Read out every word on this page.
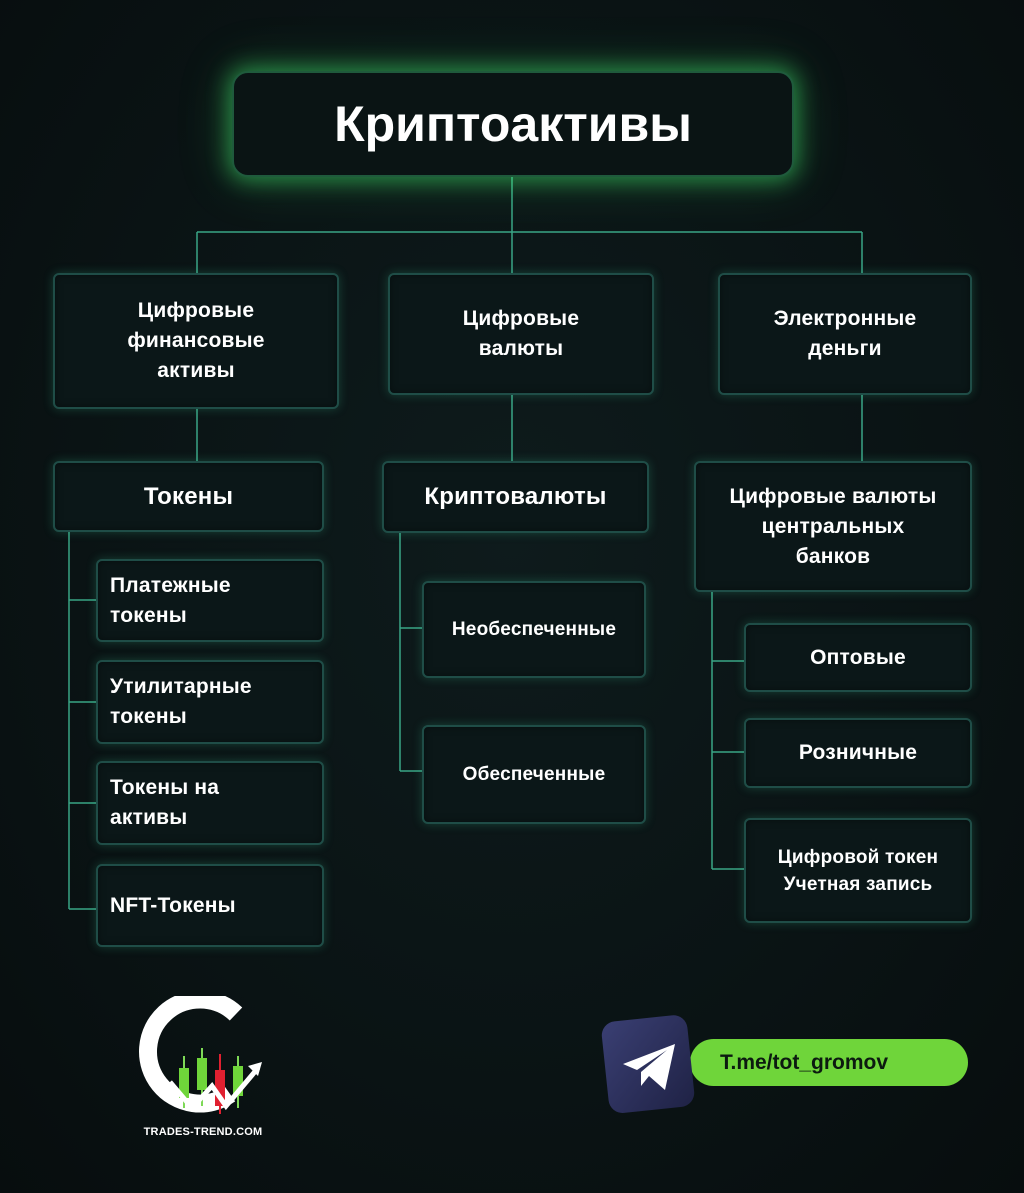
Криптоактивы
Цифровые
финансовые
активы
Цифровые
валюты
Электронные
деньги
Токены	Криптовалюты	Цифровые валюты
центральных
банков
Платежные
токены
Утилитарные
токены
Токены на
активы
NFT-Токены
Необеспеченные
Обеспеченные
Оптовые
Розничные
Цифровой токен
Учетная запись
TRADES-TREND.COM
T.me/tot_gromov
